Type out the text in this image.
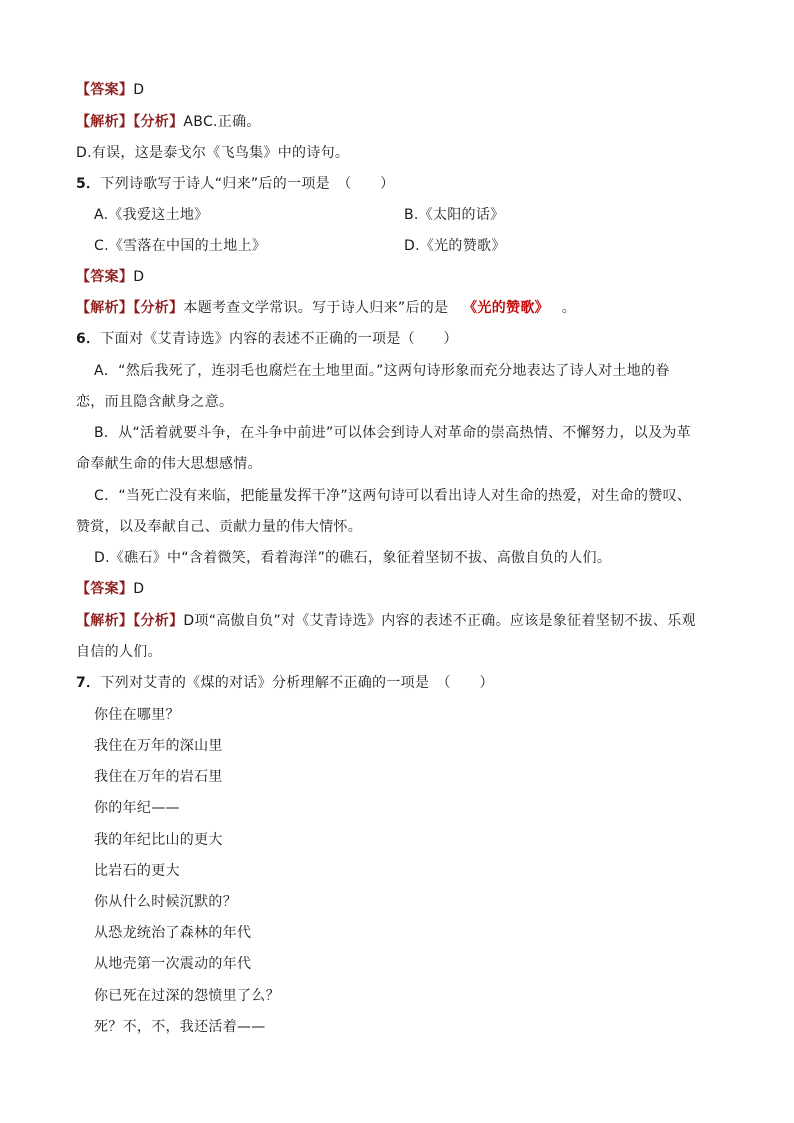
【答案】D
【解析】【分析】ABC.正确。
D.有误，这是泰戈尔《飞鸟集》中的诗句。
5．下列诗歌写于诗人“归来”后的一项是　（　　）
A.《我爱这土地》	B.《太阳的话》
C.《雪落在中国的土地上》	D.《光的赞歌》
【答案】D
【解析】【分析】本题考查文学常识。写于诗人归来”后的是 《光的赞歌》 。
6．下面对《艾青诗选》内容的表述不正确的一项是（　　）
A．“然后我死了，连羽毛也腐烂在土地里面。”这两句诗形象而充分地表达了诗人对土地的眷
恋，而且隐含献身之意。
B．从“活着就要斗争，在斗争中前进”可以体会到诗人对革命的崇高热情、不懈努力，以及为革
命奉献生命的伟大思想感情。
C．“当死亡没有来临，把能量发挥干净”这两句诗可以看出诗人对生命的热爱，对生命的赞叹、
赞赏，以及奉献自己、贡献力量的伟大情怀。
D.《礁石》中“含着微笑，看着海洋”的礁石，象征着坚韧不拔、高傲自负的人们。
【答案】D
【解析】【分析】D项“高傲自负”对《艾青诗选》内容的表述不正确。应该是象征着坚韧不拔、乐观
自信的人们。
7．下列对艾青的《煤的对话》分析理解不正确的一项是　（　　）
你住在哪里？
我住在万年的深山里
我住在万年的岩石里
你的年纪——
我的年纪比山的更大
比岩石的更大
你从什么时候沉默的？
从恐龙统治了森林的年代
从地壳第一次震动的年代
你已死在过深的怨愤里了么？
死？不，不，我还活着——
